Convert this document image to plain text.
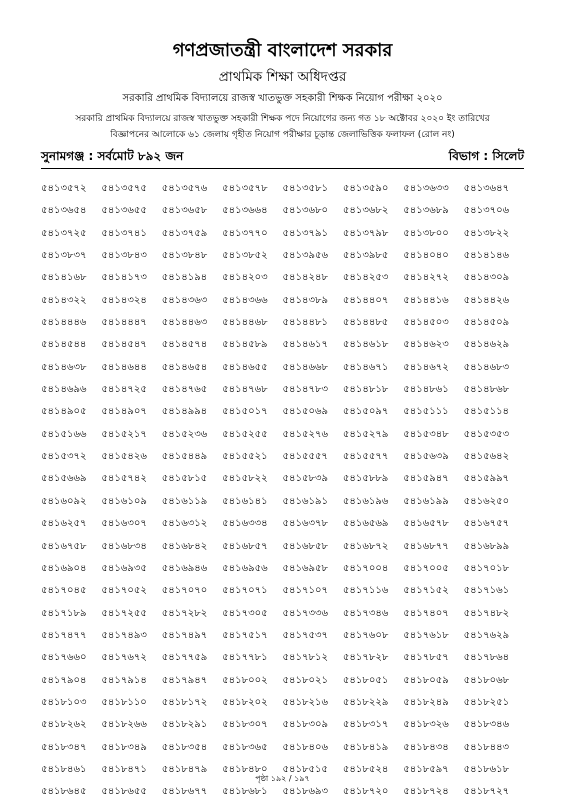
গণপ্রজাতন্ত্রী বাংলাদেশ সরকার
প্রাথমিক শিক্ষা অধিদপ্তর
সরকারি প্রাথমিক বিদ্যালয়ে রাজস্ব খাতভুক্ত সহকারী শিক্ষক নিয়োগ পরীক্ষা ২০২০
সরকারি প্রাথমিক বিদ্যালয়ে রাজস্ব খাতভুক্ত সহকারী শিক্ষক পদে নিয়োগের জন্য গত ১৮ অক্টোবর ২০২০ ইং তারিখের
বিজ্ঞাপনের আলোকে ৬১ জেলায় গৃহীত নিয়োগ পরীক্ষার চূড়ান্ত জেলাভিত্তিক ফলাফল (রোল নং)
সুনামগঞ্জ : সর্বমোট ৮৯২ জন	বিভাগ : সিলেট
৫৪১৩৫৭২	৫৪১৩৫৭৫	৫৪১৩৫৭৬	৫৪১৩৫৭৮	৫৪১৩৫৮১	৫৪১৩৫৯০	৫৪১৩৬৩৩	৫৪১৩৬৪৭
৫৪১৩৬৫৪	৫৪১৩৬৫৫	৫৪১৩৬৫৮	৫৪১৩৬৬৪	৫৪১৩৬৮০	৫৪১৩৬৮২	৫৪১৩৬৮৯	৫৪১৩৭০৬
৫৪১৩৭২৫	৫৪১৩৭৪১	৫৪১৩৭৫৯	৫৪১৩৭৭০	৫৪১৩৭৯১	৫৪১৩৭৯৮	৫৪১৩৮০০	৫৪১৩৮২২
৫৪১৩৮৩৭	৫৪১৩৮৪৩	৫৪১৩৮৪৮	৫৪১৩৮৫২	৫৪১৩৯৫৬	৫৪১৩৯৮৫	৫৪১৪০৪০	৫৪১৪১৪৬
৫৪১৪১৬৮	৫৪১৪১৭৩	৫৪১৪১৯৪	৫৪১৪২০৩	৫৪১৪২৪৮	৫৪১৪২৫৩	৫৪১৪২৭২	৫৪১৪৩০৯
৫৪১৪৩২২	৫৪১৪৩২৪	৫৪১৪৩৬৩	৫৪১৪৩৬৬	৫৪১৪৩৮৯	৫৪১৪৪০৭	৫৪১৪৪১৬	৫৪১৪৪২৬
৫৪১৪৪৪৬	৫৪১৪৪৪৭	৫৪১৪৪৬৩	৫৪১৪৪৬৮	৫৪১৪৪৮১	৫৪১৪৪৮৫	৫৪১৪৫০৩	৫৪১৪৫০৯
৫৪১৪৫৪৪	৫৪১৪৫৪৭	৫৪১৪৫৭৪	৫৪১৪৫৮৯	৫৪১৪৬১৭	৫৪১৪৬১৮	৫৪১৪৬২৩	৫৪১৪৬২৯
৫৪১৪৬৩৮	৫৪১৪৬৪৪	৫৪১৪৬৫৪	৫৪১৪৬৫৫	৫৪১৪৬৬৮	৫৪১৪৬৭১	৫৪১৪৬৭২	৫৪১৪৬৮৩
৫৪১৪৬৯৬	৫৪১৪৭২৫	৫৪১৪৭৬৫	৫৪১৪৭৬৮	৫৪১৪৭৮৩	৫৪১৪৮১৮	৫৪১৪৮৬১	৫৪১৪৮৬৮
৫৪১৪৯০৫	৫৪১৪৯০৭	৫৪১৪৯৯৪	৫৪১৫০১৭	৫৪১৫০৬৯	৫৪১৫০৯৭	৫৪১৫১১১	৫৪১৫১১৪
৫৪১৫১৬৬	৫৪১৫২১৭	৫৪১৫২৩৬	৫৪১৫২৫৫	৫৪১৫২৭৬	৫৪১৫২৭৯	৫৪১৫৩৪৮	৫৪১৫৩৫৩
৫৪১৫৩৭২	৫৪১৫৪২৬	৫৪১৫৪৪৯	৫৪১৫৫২১	৫৪১৫৫৫৭	৫৪১৫৫৭৭	৫৪১৫৬৩৯	৫৪১৫৬৪২
৫৪১৫৬৬৯	৫৪১৫৭৪২	৫৪১৫৮১৫	৫৪১৫৮২২	৫৪১৫৮৩৯	৫৪১৫৮৮৯	৫৪১৫৯৪৭	৫৪১৫৯৯৭
৫৪১৬০৯২	৫৪১৬১০৯	৫৪১৬১১৯	৫৪১৬১৪১	৫৪১৬১৯১	৫৪১৬১৯৬	৫৪১৬১৯৯	৫৪১৬২৫০
৫৪১৬২৫৭	৫৪১৬৩০৭	৫৪১৬৩১২	৫৪১৬৩৩৪	৫৪১৬৩৭৮	৫৪১৬৫৬৯	৫৪১৬৫৭৮	৫৪১৬৭৫৭
৫৪১৬৭৫৮	৫৪১৬৮৩৪	৫৪১৬৮৪২	৫৪১৬৮৫৭	৫৪১৬৮৫৮	৫৪১৬৮৭২	৫৪১৬৮৭৭	৫৪১৬৮৯৯
৫৪১৬৯০৪	৫৪১৬৯৩৫	৫৪১৬৯৪৬	৫৪১৬৯৫৬	৫৪১৬৯৫৮	৫৪১৭০০৪	৫৪১৭০০৫	৫৪১৭০১৮
৫৪১৭০৪৫	৫৪১৭০৫২	৫৪১৭০৭০	৫৪১৭০৭১	৫৪১৭১০৭	৫৪১৭১১৬	৫৪১৭১৫২	৫৪১৭১৬১
৫৪১৭১৮৯	৫৪১৭২৫৫	৫৪১৭২৮২	৫৪১৭৩০৫	৫৪১৭৩৩৬	৫৪১৭৩৪৬	৫৪১৭৪০৭	৫৪১৭৪৮২
৫৪১৭৪৭৭	৫৪১৭৪৯৩	৫৪১৭৪৯৭	৫৪১৭৫১৭	৫৪১৭৫৩৭	৫৪১৭৬০৮	৫৪১৭৬১৮	৫৪১৭৬২৯
৫৪১৭৬৬০	৫৪১৭৬৭২	৫৪১৭৭৫৯	৫৪১৭৭৮১	৫৪১৭৮১২	৫৪১৭৮২৮	৫৪১৭৮৫৭	৫৪১৭৮৬৪
৫৪১৭৯০৪	৫৪১৭৯১৪	৫৪১৭৯৪৭	৫৪১৮০০২	৫৪১৮০২১	৫৪১৮০৫১	৫৪১৮০৫৯	৫৪১৮০৬৮
৫৪১৮১০৩	৫৪১৮১১০	৫৪১৮১৭২	৫৪১৮২০২	৫৪১৮২১৬	৫৪১৮২২৯	৫৪১৮২৪৯	৫৪১৮২৫১
৫৪১৮২৬২	৫৪১৮২৬৬	৫৪১৮২৯১	৫৪১৮৩০৭	৫৪১৮৩০৯	৫৪১৮৩১৭	৫৪১৮৩২৬	৫৪১৮৩৪৬
৫৪১৮৩৪৭	৫৪১৮৩৪৯	৫৪১৮৩৫৪	৫৪১৮৩৬৫	৫৪১৮৪০৬	৫৪১৮৪১৯	৫৪১৮৪৩৪	৫৪১৮৪৪৩
৫৪১৮৪৬১	৫৪১৮৪৭১	৫৪১৮৪৭৯	৫৪১৮৪৮০	৫৪১৮৫১৫	৫৪১৮৫২৪	৫৪১৮৫৯৭	৫৪১৮৬১৮
৫৪১৮৬৪৫	৫৪১৮৬৫৫	৫৪১৮৬৭৭	৫৪১৮৬৮১	৫৪১৮৬৯৩	৫৪১৮৭২০	৫৪১৮৭২৪	৫৪১৮৭২৭
পৃষ্ঠা ১৯২ / ১৯৭
